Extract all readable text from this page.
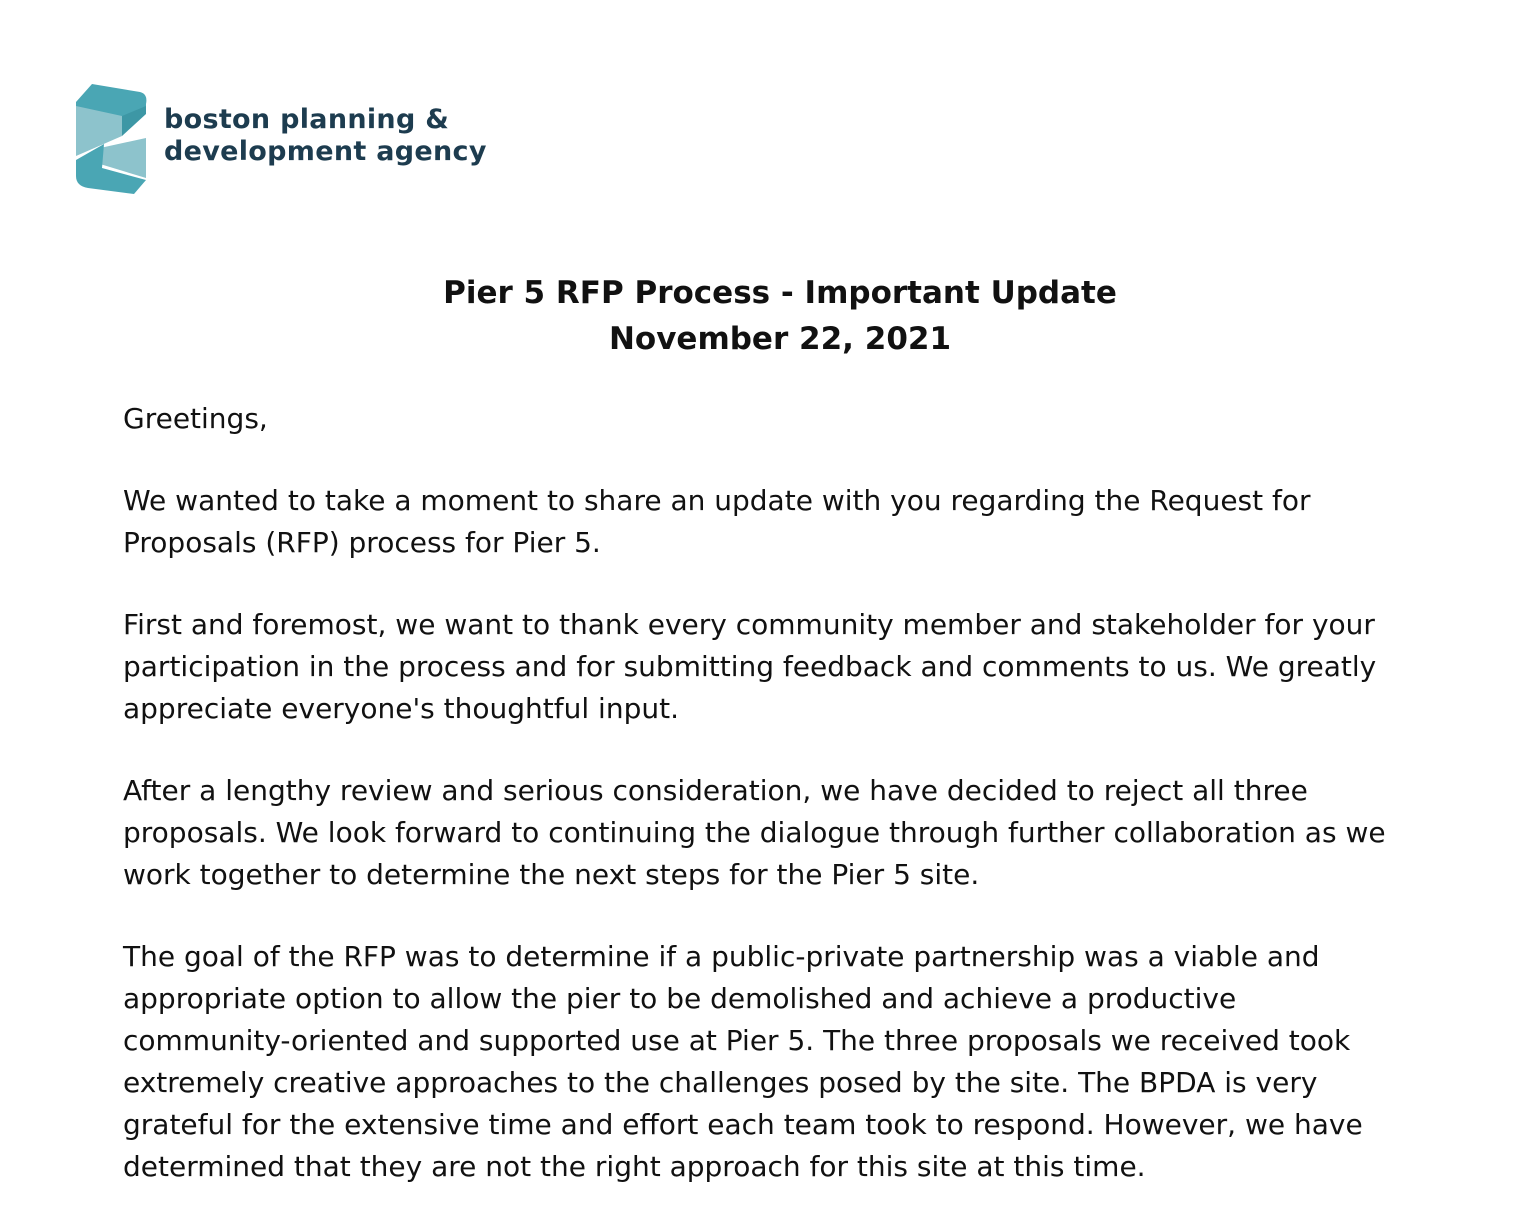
boston planning &
development agency
Pier 5 RFP Process - Important Update
November 22, 2021

Greetings,

We wanted to take a moment to share an update with you regarding the Request for
Proposals (RFP) process for Pier 5.

First and foremost, we want to thank every community member and stakeholder for your
participation in the process and for submitting feedback and comments to us. We greatly
appreciate everyone's thoughtful input.

After a lengthy review and serious consideration, we have decided to reject all three
proposals. We look forward to continuing the dialogue through further collaboration as we
work together to determine the next steps for the Pier 5 site.

The goal of the RFP was to determine if a public-private partnership was a viable and
appropriate option to allow the pier to be demolished and achieve a productive
community-oriented and supported use at Pier 5. The three proposals we received took
extremely creative approaches to the challenges posed by the site. The BPDA is very
grateful for the extensive time and effort each team took to respond. However, we have
determined that they are not the right approach for this site at this time.
